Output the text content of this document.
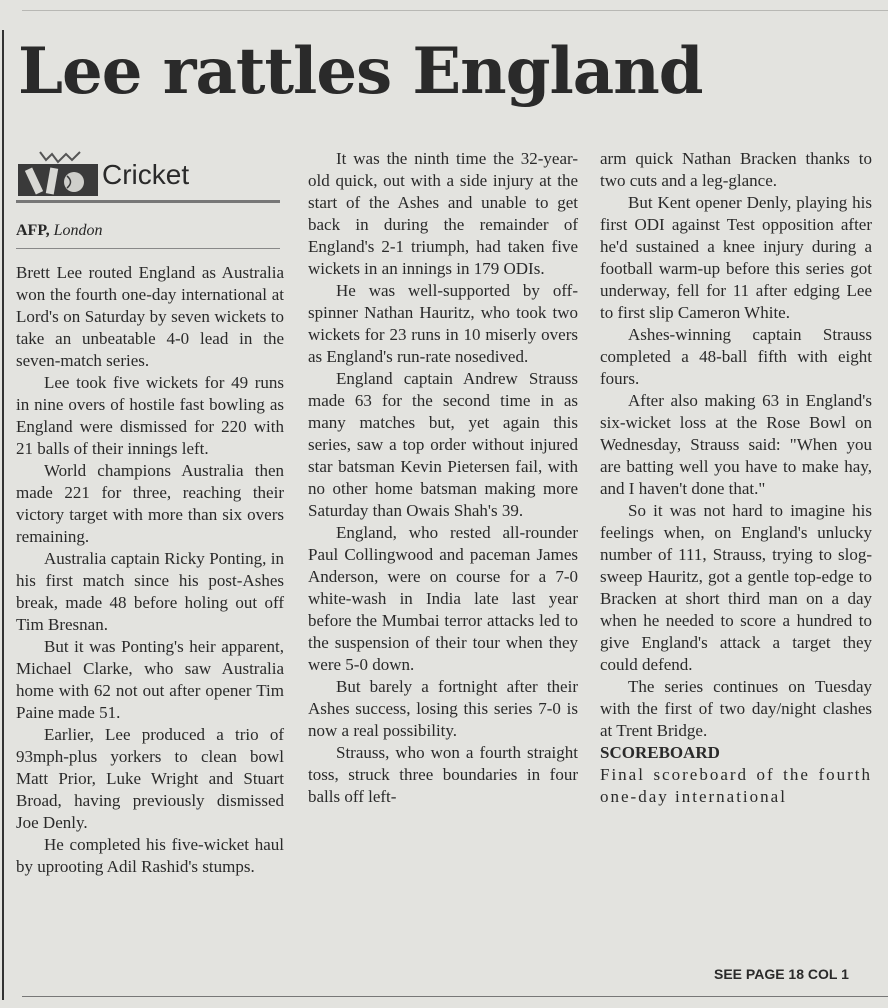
Lee rattles England
Cricket
AFP, London

Brett Lee routed England as Australia won the fourth one-day international at Lord's on Saturday by seven wickets to take an unbeatable 4-0 lead in the seven-match series.

Lee took five wickets for 49 runs in nine overs of hostile fast bowling as England were dismissed for 220 with 21 balls of their innings left.

World champions Australia then made 221 for three, reaching their victory target with more than six overs remaining.

Australia captain Ricky Ponting, in his first match since his post-Ashes break, made 48 before holing out off Tim Bresnan.

But it was Ponting's heir apparent, Michael Clarke, who saw Australia home with 62 not out after opener Tim Paine made 51.

Earlier, Lee produced a trio of 93mph-plus yorkers to clean bowl Matt Prior, Luke Wright and Stuart Broad, having previously dismissed Joe Denly.

He completed his five-wicket haul by uprooting Adil Rashid's stumps.

It was the ninth time the 32-year-old quick, out with a side injury at the start of the Ashes and unable to get back in during the remainder of England's 2-1 triumph, had taken five wickets in an innings in 179 ODIs.

He was well-supported by off-spinner Nathan Hauritz, who took two wickets for 23 runs in 10 miserly overs as England's run-rate nosedived.

England captain Andrew Strauss made 63 for the second time in as many matches but, yet again this series, saw a top order without injured star batsman Kevin Pietersen fail, with no other home batsman making more Saturday than Owais Shah's 39.

England, who rested all-rounder Paul Collingwood and paceman James Anderson, were on course for a 7-0 white-wash in India late last year before the Mumbai terror attacks led to the suspension of their tour when they were 5-0 down.

But barely a fortnight after their Ashes success, losing this series 7-0 is now a real possibility.

Strauss, who won a fourth straight toss, struck three boundaries in four balls off left-

arm quick Nathan Bracken thanks to two cuts and a leg-glance.

But Kent opener Denly, playing his first ODI against Test opposition after he'd sustained a knee injury during a football warm-up before this series got underway, fell for 11 after edging Lee to first slip Cameron White.

Ashes-winning captain Strauss completed a 48-ball fifth with eight fours.

After also making 63 in England's six-wicket loss at the Rose Bowl on Wednesday, Strauss said: "When you are batting well you have to make hay, and I haven't done that."

So it was not hard to imagine his feelings when, on England's unlucky number of 111, Strauss, trying to slog-sweep Hauritz, got a gentle top-edge to Bracken at short third man on a day when he needed to score a hundred to give England's attack a target they could defend.

The series continues on Tuesday with the first of two day/night clashes at Trent Bridge.

SCOREBOARD

Final scoreboard of the fourth one-day international

SEE PAGE 18 COL 1
